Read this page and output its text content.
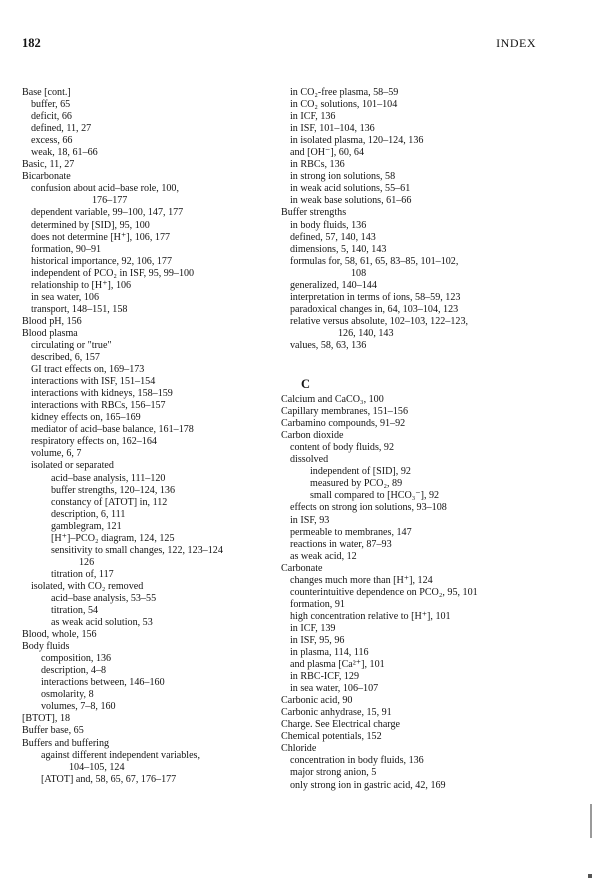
182	INDEX
Base [cont.]
buffer, 65
deficit, 66
defined, 11, 27
excess, 66
weak, 18, 61–66
Basic, 11, 27
Bicarbonate
confusion about acid–base role, 100,
176–177
dependent variable, 99–100, 147, 177
determined by [SID], 95, 100
does not determine [H⁺], 106, 177
formation, 90–91
historical importance, 92, 106, 177
independent of PCO₂ in ISF, 95, 99–100
relationship to [H⁺], 106
in sea water, 106
transport, 148–151, 158
Blood pH, 156
Blood plasma
circulating or "true"
described, 6, 157
GI tract effects on, 169–173
interactions with ISF, 151–154
interactions with kidneys, 158–159
interactions with RBCs, 156–157
kidney effects on, 165–169
mediator of acid–base balance, 161–178
respiratory effects on, 162–164
volume, 6, 7
isolated or separated
acid–base analysis, 111–120
buffer strengths, 120–124, 136
constancy of [ATOT] in, 112
description, 6, 111
gamblegram, 121
[H⁺]–PCO₂ diagram, 124, 125
sensitivity to small changes, 122, 123–124
126
titration of, 117
isolated, with CO₂ removed
acid–base analysis, 53–55
titration, 54
as weak acid solution, 53
Blood, whole, 156
Body fluids
composition, 136
description, 4–8
interactions between, 146–160
osmolarity, 8
volumes, 7–8, 160
[BTOT], 18
Buffer base, 65
Buffers and buffering
against different independent variables,
104–105, 124
[ATOT] and, 58, 65, 67, 176–177
in CO₂-free plasma, 58–59
in CO₂ solutions, 101–104
in ICF, 136
in ISF, 101–104, 136
in isolated plasma, 120–124, 136
and [OH⁻], 60, 64
in RBCs, 136
in strong ion solutions, 58
in weak acid solutions, 55–61
in weak base solutions, 61–66
Buffer strengths
in body fluids, 136
defined, 57, 140, 143
dimensions, 5, 140, 143
formulas for, 58, 61, 65, 83–85, 101–102,
108
generalized, 140–144
interpretation in terms of ions, 58–59, 123
paradoxical changes in, 64, 103–104, 123
relative versus absolute, 102–103, 122–123,
126, 140, 143
values, 58, 63, 136
C
Calcium and CaCO₃, 100
Capillary membranes, 151–156
Carbamino compounds, 91–92
Carbon dioxide
content of body fluids, 92
dissolved
independent of [SID], 92
measured by PCO₂, 89
small compared to [HCO₃⁻], 92
effects on strong ion solutions, 93–108
in ISF, 93
permeable to membranes, 147
reactions in water, 87–93
as weak acid, 12
Carbonate
changes much more than [H⁺], 124
counterintuitive dependence on PCO₂, 95, 101
formation, 91
high concentration relative to [H⁺], 101
in ICF, 139
in ISF, 95, 96
in plasma, 114, 116
and plasma [Ca²⁺], 101
in RBC-ICF, 129
in sea water, 106–107
Carbonic acid, 90
Carbonic anhydrase, 15, 91
Charge. See Electrical charge
Chemical potentials, 152
Chloride
concentration in body fluids, 136
major strong anion, 5
only strong ion in gastric acid, 42, 169
